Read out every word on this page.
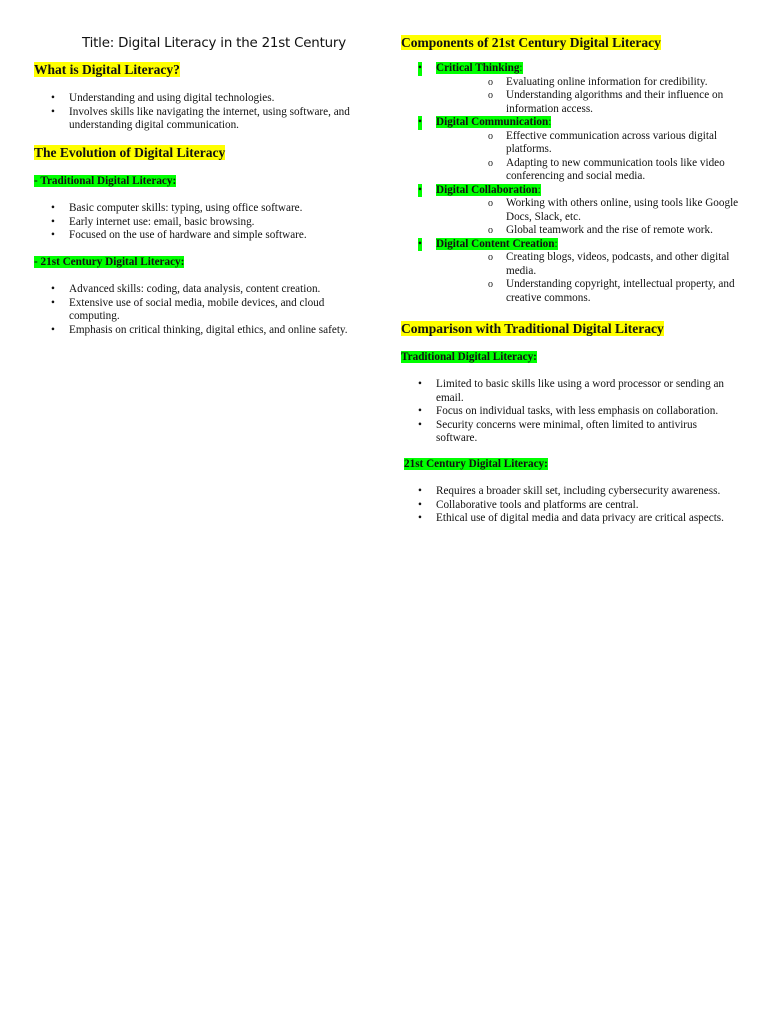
Title: Digital Literacy in the 21st Century
What is Digital Literacy?
• Understanding and using digital technologies.
• Involves skills like navigating the internet, using software, and understanding digital communication.
The Evolution of Digital Literacy
- Traditional Digital Literacy:
• Basic computer skills: typing, using office software.
• Early internet use: email, basic browsing.
• Focused on the use of hardware and simple software.
- 21st Century Digital Literacy:
• Advanced skills: coding, data analysis, content creation.
• Extensive use of social media, mobile devices, and cloud computing.
• Emphasis on critical thinking, digital ethics, and online safety.
Components of 21st Century Digital Literacy
• Critical Thinking:
o Evaluating online information for credibility.
o Understanding algorithms and their influence on information access.
• Digital Communication:
o Effective communication across various digital platforms.
o Adapting to new communication tools like video conferencing and social media.
• Digital Collaboration:
o Working with others online, using tools like Google Docs, Slack, etc.
o Global teamwork and the rise of remote work.
• Digital Content Creation:
o Creating blogs, videos, podcasts, and other digital media.
o Understanding copyright, intellectual property, and creative commons.
Comparison with Traditional Digital Literacy
Traditional Digital Literacy:
• Limited to basic skills like using a word processor or sending an email.
• Focus on individual tasks, with less emphasis on collaboration.
• Security concerns were minimal, often limited to antivirus software.
21st Century Digital Literacy:
• Requires a broader skill set, including cybersecurity awareness.
• Collaborative tools and platforms are central.
• Ethical use of digital media and data privacy are critical aspects.
